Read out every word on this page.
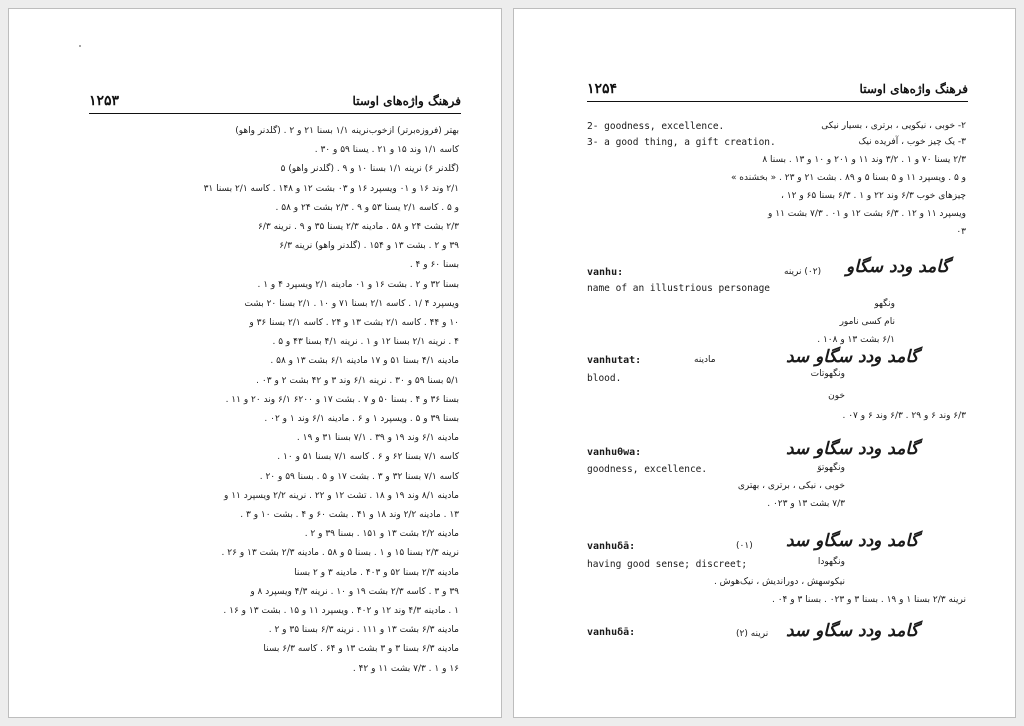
۱۲۵۳	فرهنگ واژه‌های اوستا
بهتر (فروزه‌برتر) ازخوب‌نرینه ۱/۱ بسنا ۲۱ و ۲ . (گلدنر واهو)
کاسه ۱/۱ وند ۱۵ و ۲۱ . یسنا ۵۹ و ۳۰ .
(گلدنر ۶) نرینه ۱/۱ بسنا ۱۰ و ۹ . (گلدنر واهو) ۵
۲/۱ وند ۱۶ و ۰۱ ویسپرد ۱۶ و ۰۳ بشت ۱۲ و ۱۴۸ . کاسه ۲/۱ بسنا ۳۱
و ۵ . کاسه ۲/۱ یسنا ۵۳ و ۹ . ۲/۳ بشت ۲۴ و ۵۸ .
۲/۳ بشت ۲۴ و ۵۸ . مادینه ۲/۳ یسنا ۳۵ و ۹ . نرینه ۶/۳
۳۹ و ۲ . بشت ۱۳ و ۱۵۴ . (گلدنر واهو) نرینه ۶/۳
بسنا ۶۰ و ۴ .
بسنا ۳۲ و ۲ . بشت ۱۶ و ۰۱ مادینه ۲/۱ ویسپرد ۴ و ۱ .
ویسپرد ۴ /۱ . کاسه ۲/۱ بسنا ۷۱ و ۱۰ . ۲/۱ بسنا ۲۰ بشت
۱۰ و ۴۴ . کاسه ۲/۱ بشت ۱۳ و ۲۴ . کاسه ۲/۱ بسنا ۳۶ و
۴ . نرینه ۲/۱ بسنا ۱۲ و ۱ . نرینه ۴/۱ بسنا ۴۳ و ۵ .
مادینه ۴/۱ بسنا ۵۱ و ۱۷ مادینه ۶/۱ بشت ۱۳ و ۵۸ .
۵/۱ بسنا ۵۹ و ۳۰ . نرینه ۶/۱ وند ۳ و ۴۲ بشت ۲ و ۰۳ .
بسنا ۳۶ و ۴ . بسنا ۵۰ و ۷ . بشت ۱۷ و ۶۲۰۰ ۶/۱ وند ۲۰ و ۱۱ .
بسنا ۳۹ و ۵ . ویسپرد ۱ و ۶ . مادینه ۶/۱ وند ۱ و ۰۲ .
مادینه ۶/۱ وند ۱۹ و ۳۹ . ۷/۱ بسنا ۳۱ و ۱۹ .
کاسه ۷/۱ بسنا ۶۲ و ۶ . کاسه ۷/۱ بسنا ۵۱ و ۱۰ .
کاسه ۷/۱ بسنا ۳۲ و ۳ . بشت ۱۷ و ۵ . بسنا ۵۹ و ۲۰ .
مادینه ۸/۱ وند ۱۹ و ۱۸ . تشت ۱۲ و ۲۲ . نرینه ۲/۲ ویسپرد ۱۱ و
۱۳ . مادینه ۲/۲ وند ۱۸ و ۴۱ . بشت ۶۰ و ۴ . بشت ۱۰ و ۳ .
مادینه ۲/۲ بشت ۱۳ و ۱۵۱ . بسنا ۳۹ و ۲ .
نرینه ۲/۳ بسنا ۱۵ و ۱ . بسنا ۵ و ۵۸ . مادینه ۲/۳ بشت ۱۳ و ۲۶ .
مادینه ۲/۳ بسنا ۵۲ و ۴۰۳ . مادینه ۳ و ۲ بسنا
۳۹ و ۳ . کاسه ۲/۳ بشت ۱۹ و ۱۰ . نرینه ۴/۳ ویسپرد ۸ و
۱ . مادینه ۴/۳ وند ۱۲ و ۴۰۲ . ویسپرد ۱۱ و ۱۵ . بشت ۱۳ و ۱۶ .
مادینه ۶/۳ بشت ۱۳ و ۱۱۱ . نرینه ۶/۳ بسنا ۳۵ و ۲ .
مادینه ۶/۳ بسنا ۳ و ۳ بشت ۱۳ و ۶۴ . کاسه ۶/۳ بسنا
۱۶ و ۱ . ۷/۳ بشت ۱۱ و ۴۲ .
۱۲۵۴	فرهنگ واژه‌های اوستا
2- goodness, excellence.	۲- خوبی ، نیکویی ، برتری ، بسیار نیکی
3- a good thing, a gift creation.	۳- یک چیز خوب ، آفریده نیک
۲/۳ یسنا ۷۰ و ۱ . ۳/۲ وند ۱۱ و ۲۰۱ و ۱۰ و ۱۳ . بسنا ۸
و ۵ . ویسپرد ۱۱ و ۵ بسنا ۵ و ۸۹ . بشت ۲۱ و ۲۳ . « بخشنده »
چیزهای خوب ۶/۳ وند ۲۲ و ۱ . ۶/۳ بسنا ۶۵ و ۱۲ ،
ویسپرد ۱۱ و ۱۲ . ۶/۳ بشت ۱۲ و ۰۱ . ۷/۳ بشت ۱۱ و
۰۳
vanhu:	(۰۲) نرینه ﮔﺎﻣﺪ ﻭﺩﺩ ﺳﮕﺎﻭ
name of an illustrious personage
ونگهو
نام کسی نامور
۶/۱ بشت ۱۳ و ۱۰۸ .
vanhutat:	مادینه	ﮔﺎﻣﺪ ﻭﺩﺩ ﺳﮕﺎﻭ ﺳﺪ
blood.	ونگهوتات
خون
۶/۳ وند ۶ و ۲۹ . ۶/۳ وند ۶ و ۰۷ .
vanhuθwa:	ﮔﺎﻣﺪ ﻭﺩﺩ ﺳﮕﺎﻭ ﺳﺪ
goodness, excellence.	ونگهوتوَ
خوبی ، نیکی ، برتری ، بهتری
۷/۳ بشت ۱۳ و ۰۲۳ .
vanhuδā:	(۰۱) ﮔﺎﻣﺪ ﻭﺩﺩ ﺳﮕﺎﻭ ﺳﺪ
having good sense; discreet;	ونگهودا
نیکوسهش ، دوراندیش ، نیک‌هوش .
نرینه ۲/۳ بسنا ۱ و ۱۹ . بسنا ۳ و ۰۲۳ . بسنا ۳ و ۰۴ .
vanhuδā:	نرینه (۲) ﮔﺎﻣﺪ ﻭﺩﺩ ﺳﮕﺎﻭ ﺳﺪ
